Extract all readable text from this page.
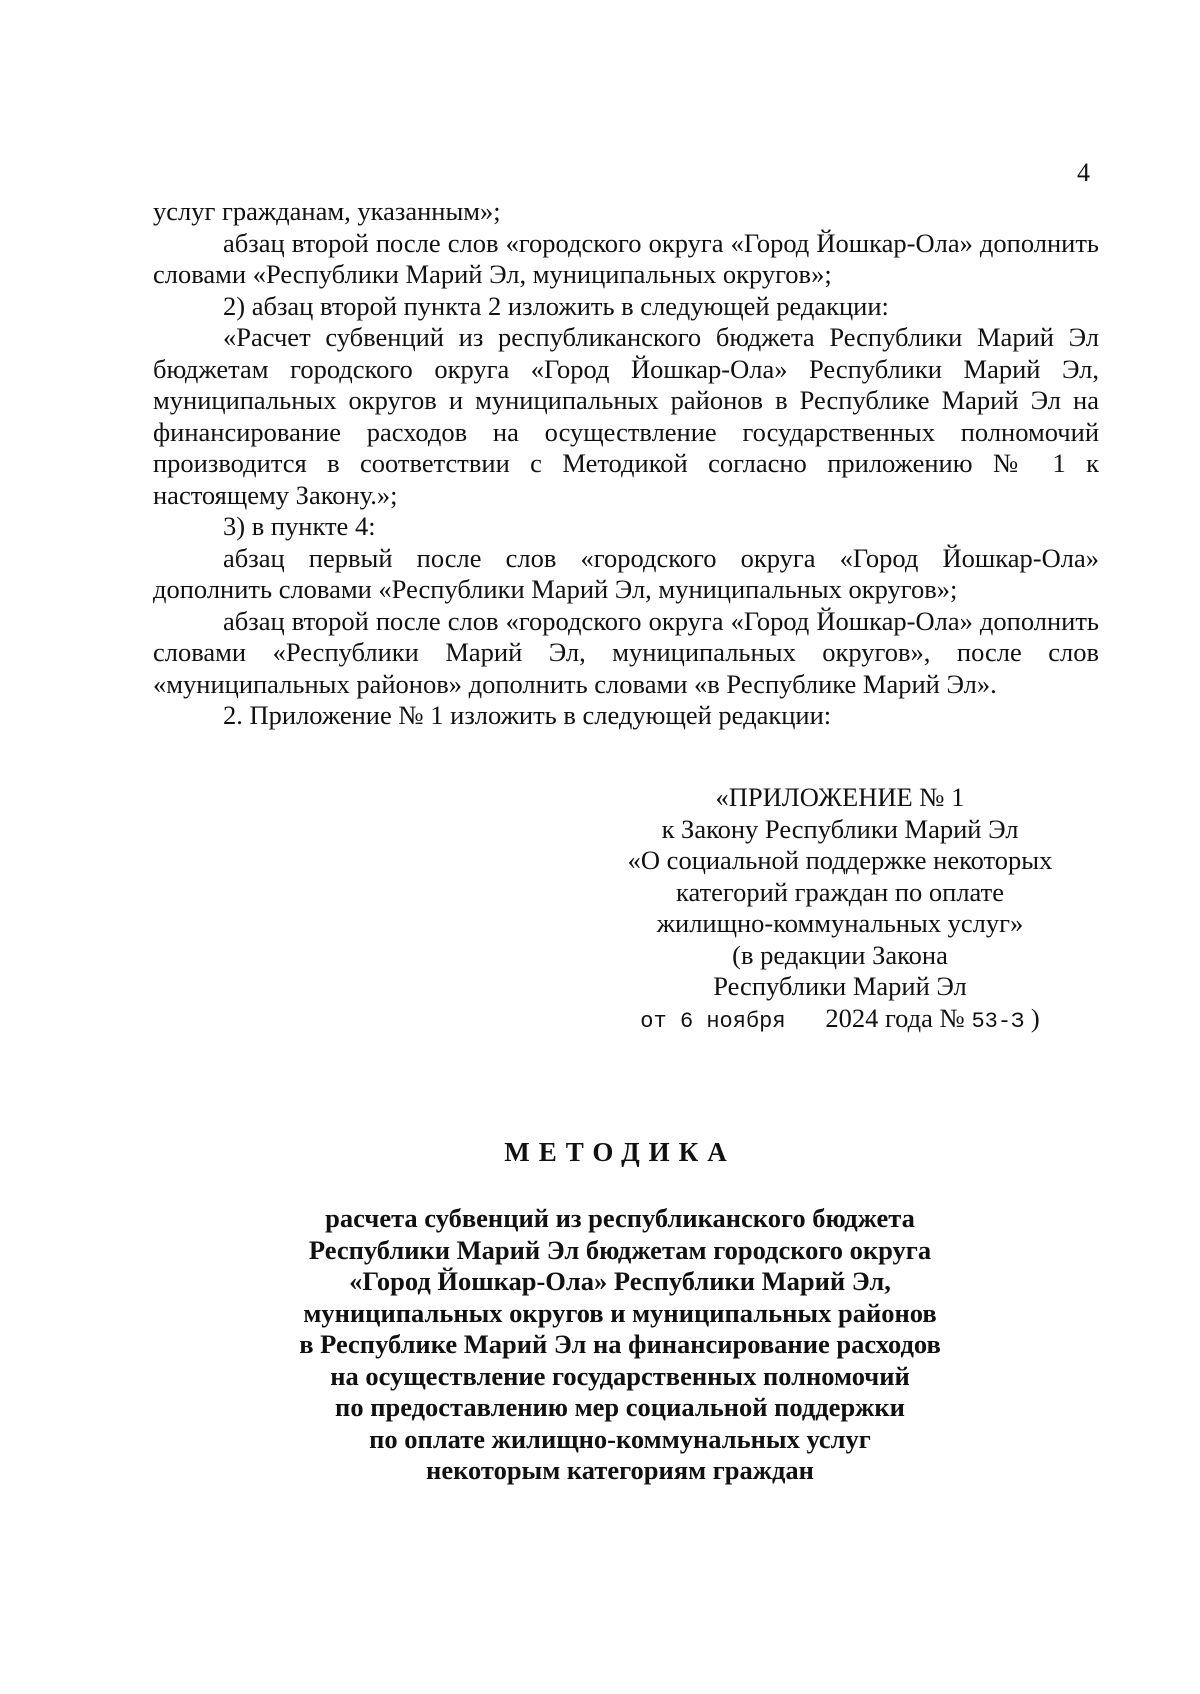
4

услуг гражданам, указанным»;

абзац второй после слов «городского округа «Город Йошкар-Ола» дополнить словами «Республики Марий Эл, муниципальных округов»;

2) абзац второй пункта 2 изложить в следующей редакции:

«Расчет субвенций из республиканского бюджета Республики Марий Эл бюджетам городского округа «Город Йошкар-Ола» Республики Марий Эл, муниципальных округов и муниципальных районов в Республике Марий Эл на финансирование расходов на осуществление государственных полномочий производится в соответствии с Методикой согласно приложению № 1 к настоящему Закону.»;

3) в пункте 4:

абзац первый после слов «городского округа «Город Йошкар-Ола» дополнить словами «Республики Марий Эл, муниципальных округов»;

абзац второй после слов «городского округа «Город Йошкар-Ола» дополнить словами «Республики Марий Эл, муниципальных округов», после слов «муниципальных районов» дополнить словами «в Республике Марий Эл».

2. Приложение № 1 изложить в следующей редакции:

«ПРИЛОЖЕНИЕ № 1
к Закону Республики Марий Эл
«О социальной поддержке некоторых
категорий граждан по оплате
жилищно-коммунальных услуг»
(в редакции Закона
Республики Марий Эл
от 6 ноября 2024 года № 53-З )
МЕТОДИКА
расчета субвенций из республиканского бюджета
Республики Марий Эл бюджетам городского округа
«Город Йошкар-Ола» Республики Марий Эл,
муниципальных округов и муниципальных районов
в Республике Марий Эл на финансирование расходов
на осуществление государственных полномочий
по предоставлению мер социальной поддержки
по оплате жилищно-коммунальных услуг
некоторым категориям граждан
